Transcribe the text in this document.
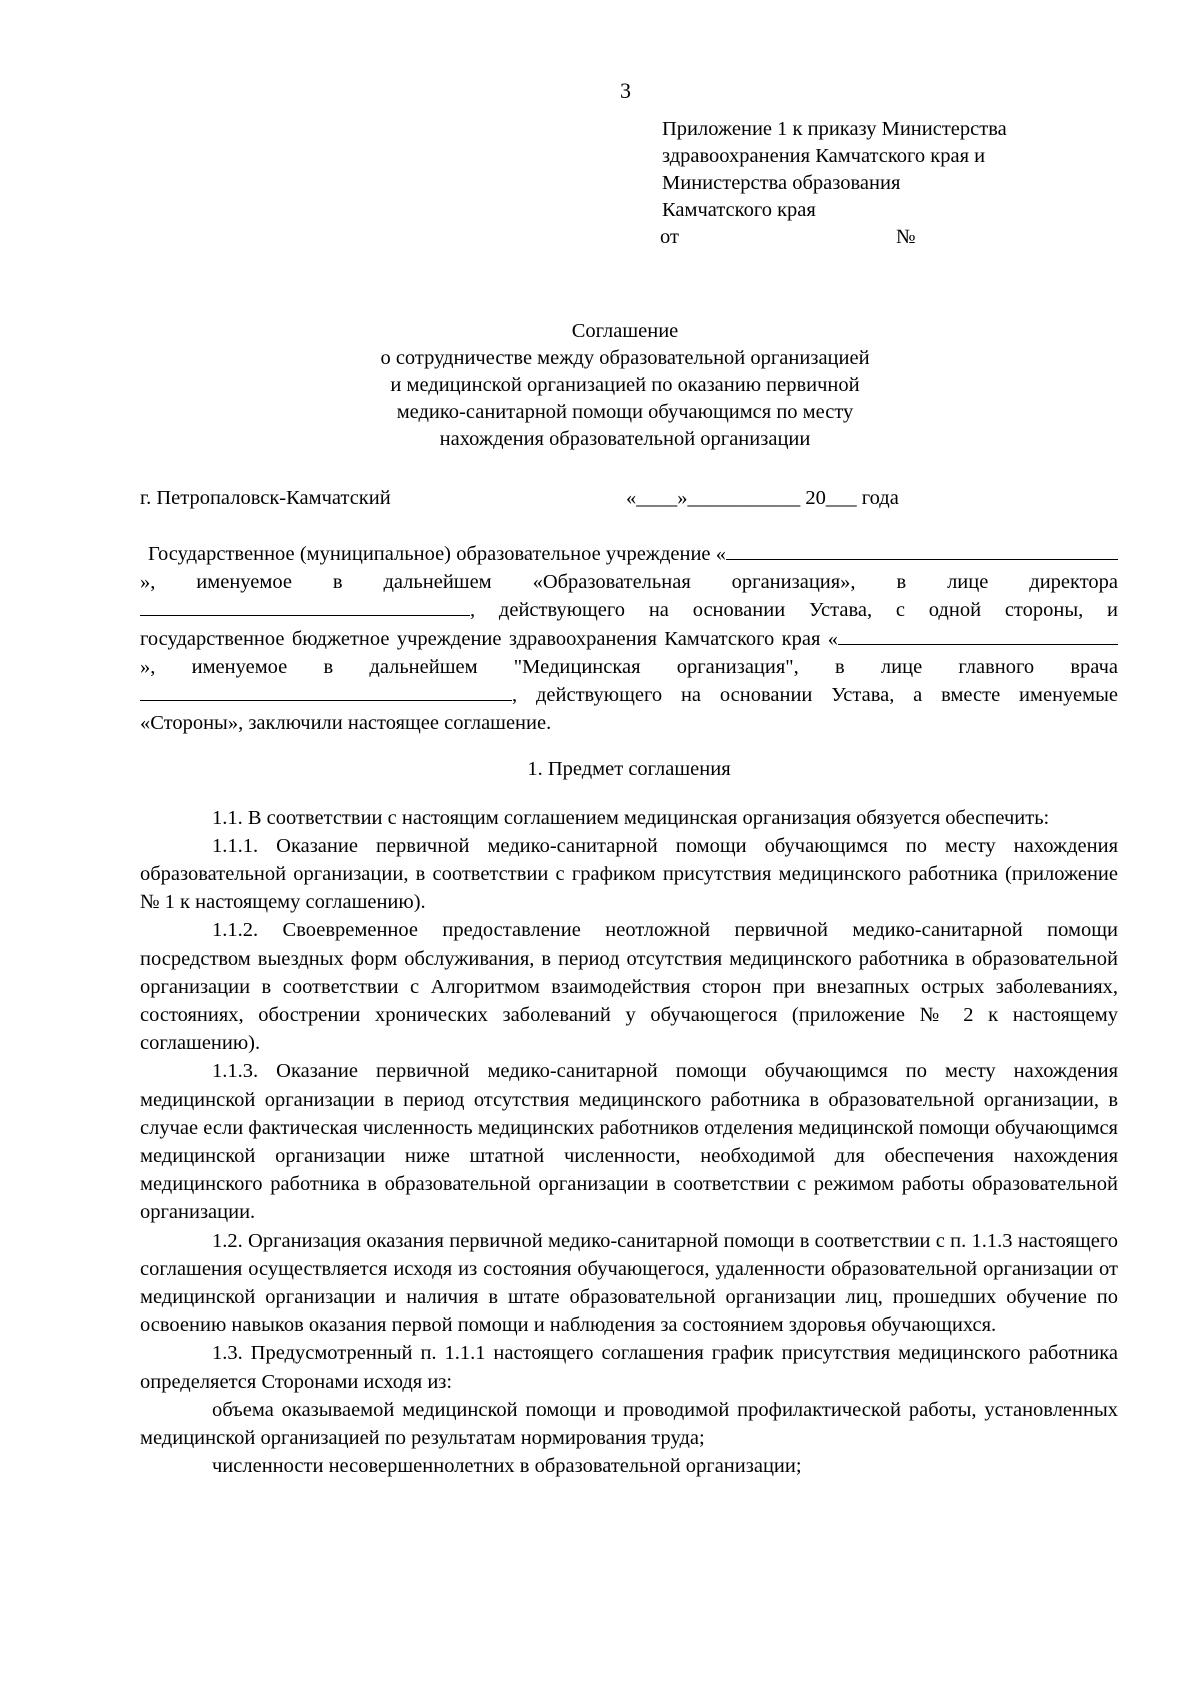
3
Приложение 1 к приказу Министерства
здравоохранения Камчатского края и
Министерства образования
Камчатского края
от	№
Соглашение
о сотрудничестве между образовательной организацией
и медицинской организацией по оказанию первичной
медико-санитарной помощи обучающимся по месту
нахождения образовательной организации
г. Петропаловск-Камчатский	«____»___________ 20___ года

Государственное (муниципальное) образовательное учреждение «», именуемое в дальнейшем «Образовательная организация», в лице директора , действующего на основании Устава, с одной стороны, и государственное бюджетное учреждение здравоохранения Камчатского края «», именуемое в дальнейшем "Медицинская организация", в лице главного врача, действующего на основании Устава, а вместе именуемые «Стороны», заключили настоящее соглашение.

1. Предмет соглашения

1.1. В соответствии с настоящим соглашением медицинская организация обязуется обеспечить:

1.1.1. Оказание первичной медико-санитарной помощи обучающимся по месту нахождения образовательной организации, в соответствии с графиком присутствия медицинского работника (приложение № 1 к настоящему соглашению).

1.1.2. Своевременное предоставление неотложной первичной медико-санитарной помощи посредством выездных форм обслуживания, в период отсутствия медицинского работника в образовательной организации в соответствии с Алгоритмом взаимодействия сторон при внезапных острых заболеваниях, состояниях, обострении хронических заболеваний у обучающегося (приложение № 2 к настоящему соглашению).

1.1.3. Оказание первичной медико-санитарной помощи обучающимся по месту нахождения медицинской организации в период отсутствия медицинского работника в образовательной организации, в случае если фактическая численность медицинских работников отделения медицинской помощи обучающимся медицинской организации ниже штатной численности, необходимой для обеспечения нахождения медицинского работника в образовательной организации в соответствии с режимом работы образовательной организации.

1.2. Организация оказания первичной медико-санитарной помощи в соответствии с п. 1.1.3 настоящего соглашения осуществляется исходя из состояния обучающегося, удаленности образовательной организации от медицинской организации и наличия в штате образовательной организации лиц, прошедших обучение по освоению навыков оказания первой помощи и наблюдения за состоянием здоровья обучающихся.

1.3. Предусмотренный п. 1.1.1 настоящего соглашения график присутствия медицинского работника определяется Сторонами исходя из:

объема оказываемой медицинской помощи и проводимой профилактической работы, установленных медицинской организацией по результатам нормирования труда;

численности несовершеннолетних в образовательной организации;
